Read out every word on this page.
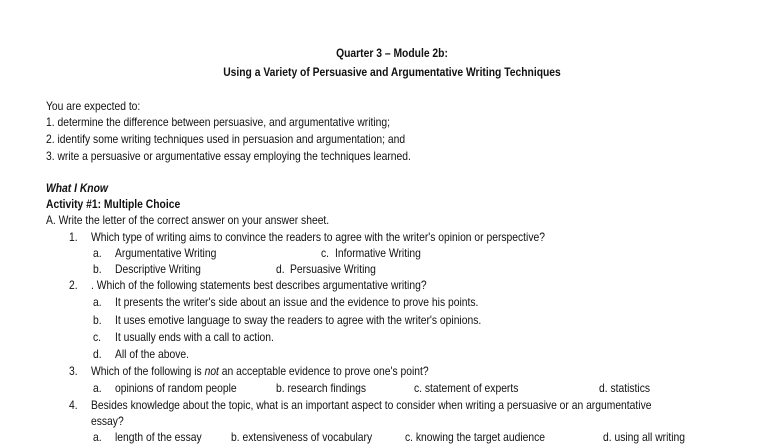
Quarter 3 – Module 2b:
Using a Variety of Persuasive and Argumentative Writing Techniques
You are expected to:
1. determine the difference between persuasive, and argumentative writing;
2. identify some writing techniques used in persuasion and argumentation; and
3. write a persuasive or argumentative essay employing the techniques learned.
What I Know
Activity #1: Multiple Choice
A. Write the letter of the correct answer on your answer sheet.
1. Which type of writing aims to convince the readers to agree with the writer's opinion or perspective?
a. Argumentative Writing	c. Informative Writing
b. Descriptive Writing	d. Persuasive Writing
2. . Which of the following statements best describes argumentative writing?
a. It presents the writer's side about an issue and the evidence to prove his points.
b. It uses emotive language to sway the readers to agree with the writer's opinions.
c. It usually ends with a call to action.
d. All of the above.
3. Which of the following is not an acceptable evidence to prove one's point?
a. opinions of random people	b. research findings	c. statement of experts	d. statistics
4. Besides knowledge about the topic, what is an important aspect to consider when writing a persuasive or an argumentative
essay?
a. length of the essay b. extensiveness of vocabulary	c. knowing the target audience	d. using all writing
